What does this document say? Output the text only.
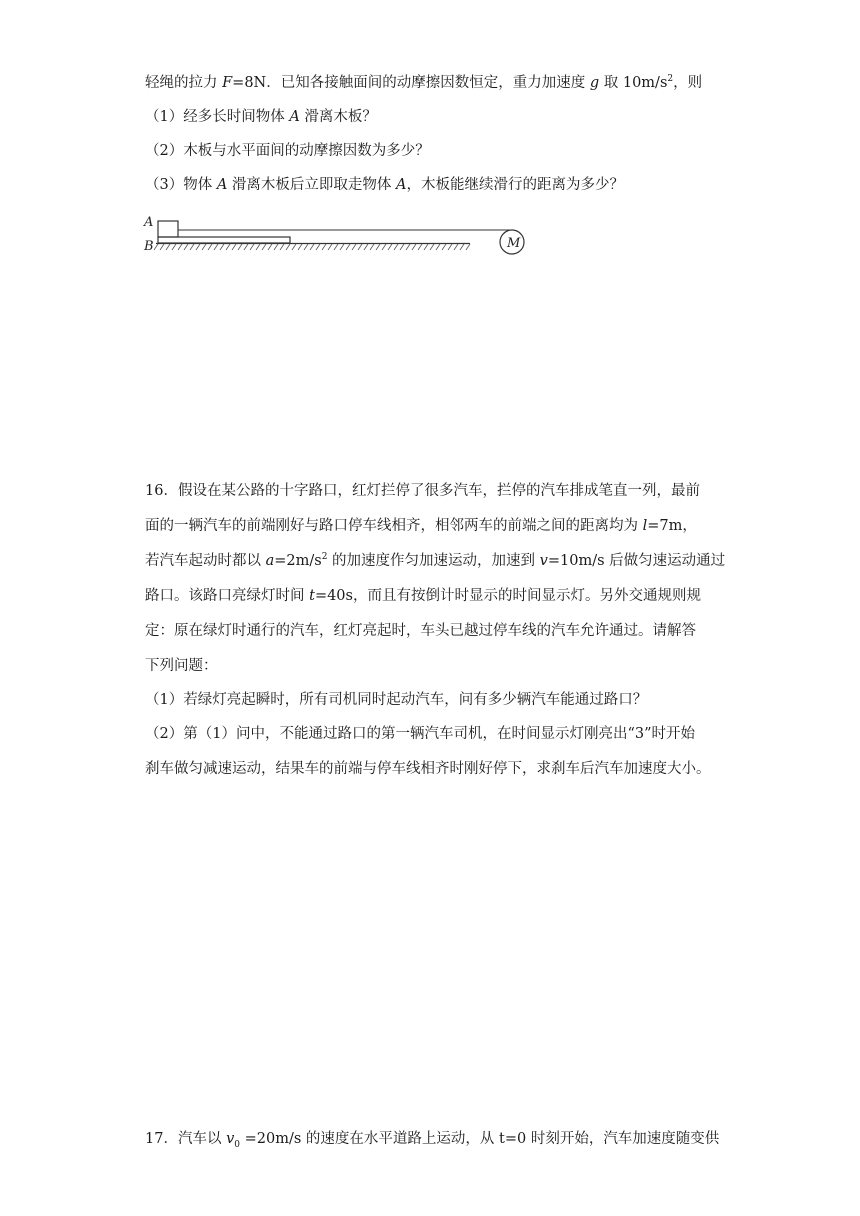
轻绳的拉力 F=8N．已知各接触面间的动摩擦因数恒定，重力加速度 g 取 $10m/s^2$，则
（1）经多长时间物体 A 滑离木板？
（2）木板与水平面间的动摩擦因数为多少？
（3）物体 A 滑离木板后立即取走物体 A，木板能继续滑行的距离为多少？
A
B	M
16．假设在某公路的十字路口，红灯拦停了很多汽车，拦停的汽车排成笔直一列，最前
面的一辆汽车的前端刚好与路口停车线相齐，相邻两车的前端之间的距离均为 l=7m，
若汽车起动时都以 $a=2m/s^2$ 的加速度作匀加速运动，加速到 v=10m/s 后做匀速运动通过
路口。该路口亮绿灯时间 t=40s，而且有按倒计时显示的时间显示灯。另外交通规则规
定：原在绿灯时通行的汽车，红灯亮起时，车头已越过停车线的汽车允许通过。请解答
下列问题：
（1）若绿灯亮起瞬时，所有司机同时起动汽车，问有多少辆汽车能通过路口？
（2）第（1）问中，不能通过路口的第一辆汽车司机，在时间显示灯刚亮出“3”时开始
刹车做匀减速运动，结果车的前端与停车线相齐时刚好停下，求刹车后汽车加速度大小。
17．汽车以 $v_0 =20m/s$ 的速度在水平道路上运动，从 t=0 时刻开始，汽车加速度随变供
